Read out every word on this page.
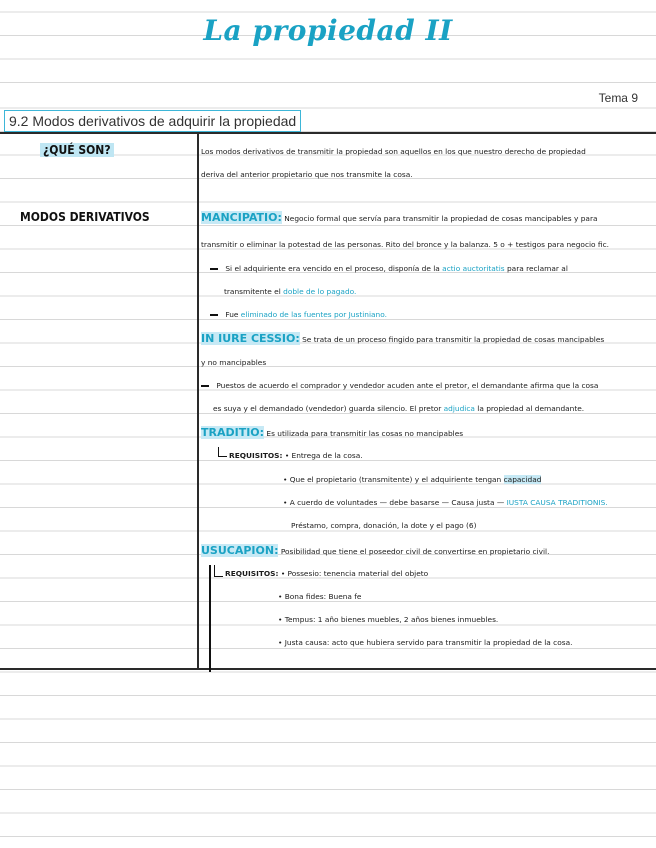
La propiedad II
Tema 9
9.2 Modos derivativos de adquirir la propiedad
¿QUÉ SON?
MODOS DERIVATIVOS
Los modos derivativos de transmitir la propiedad son aquellos en los que nuestro derecho de propiedad
deriva del anterior propietario que nos transmite la cosa.
MANCIPATIO: Negocio formal que servía para transmitir la propiedad de cosas mancipables y para
transmitir o eliminar la potestad de las personas. Rito del bronce y la balanza. 5 o + testigos para negocio fic.
Si el adquiriente era vencido en el proceso, disponía de la actio auctoritatis para reclamar al
transmitente el doble de lo pagado.
Fue eliminado de las fuentes por Justiniano.
IN IURE CESSIO: Se trata de un proceso fingido para transmitir la propiedad de cosas mancipables
y no mancipables
Puestos de acuerdo el comprador y vendedor acuden ante el pretor, el demandante afirma que la cosa
es suya y el demandado (vendedor) guarda silencio. El pretor adjudica la propiedad al demandante.
TRADITIO: Es utilizada para transmitir las cosas no mancipables
REQUISITOS: • Entrega de la cosa.
• Que el propietario (transmitente) y el adquiriente tengan capacidad
• A cuerdo de voluntades — debe basarse — Causa justa — IUSTA CAUSA TRADITIONIS.
Préstamo, compra, donación, la dote y el pago (6)
USUCAPION: Posibilidad que tiene el poseedor civil de convertirse en propietario civil.
REQUISITOS: • Possesio: tenencia material del objeto
• Bona fides: Buena fe
• Tempus: 1 año bienes muebles, 2 años bienes inmuebles.
• Justa causa: acto que hubiera servido para transmitir la propiedad de la cosa.
